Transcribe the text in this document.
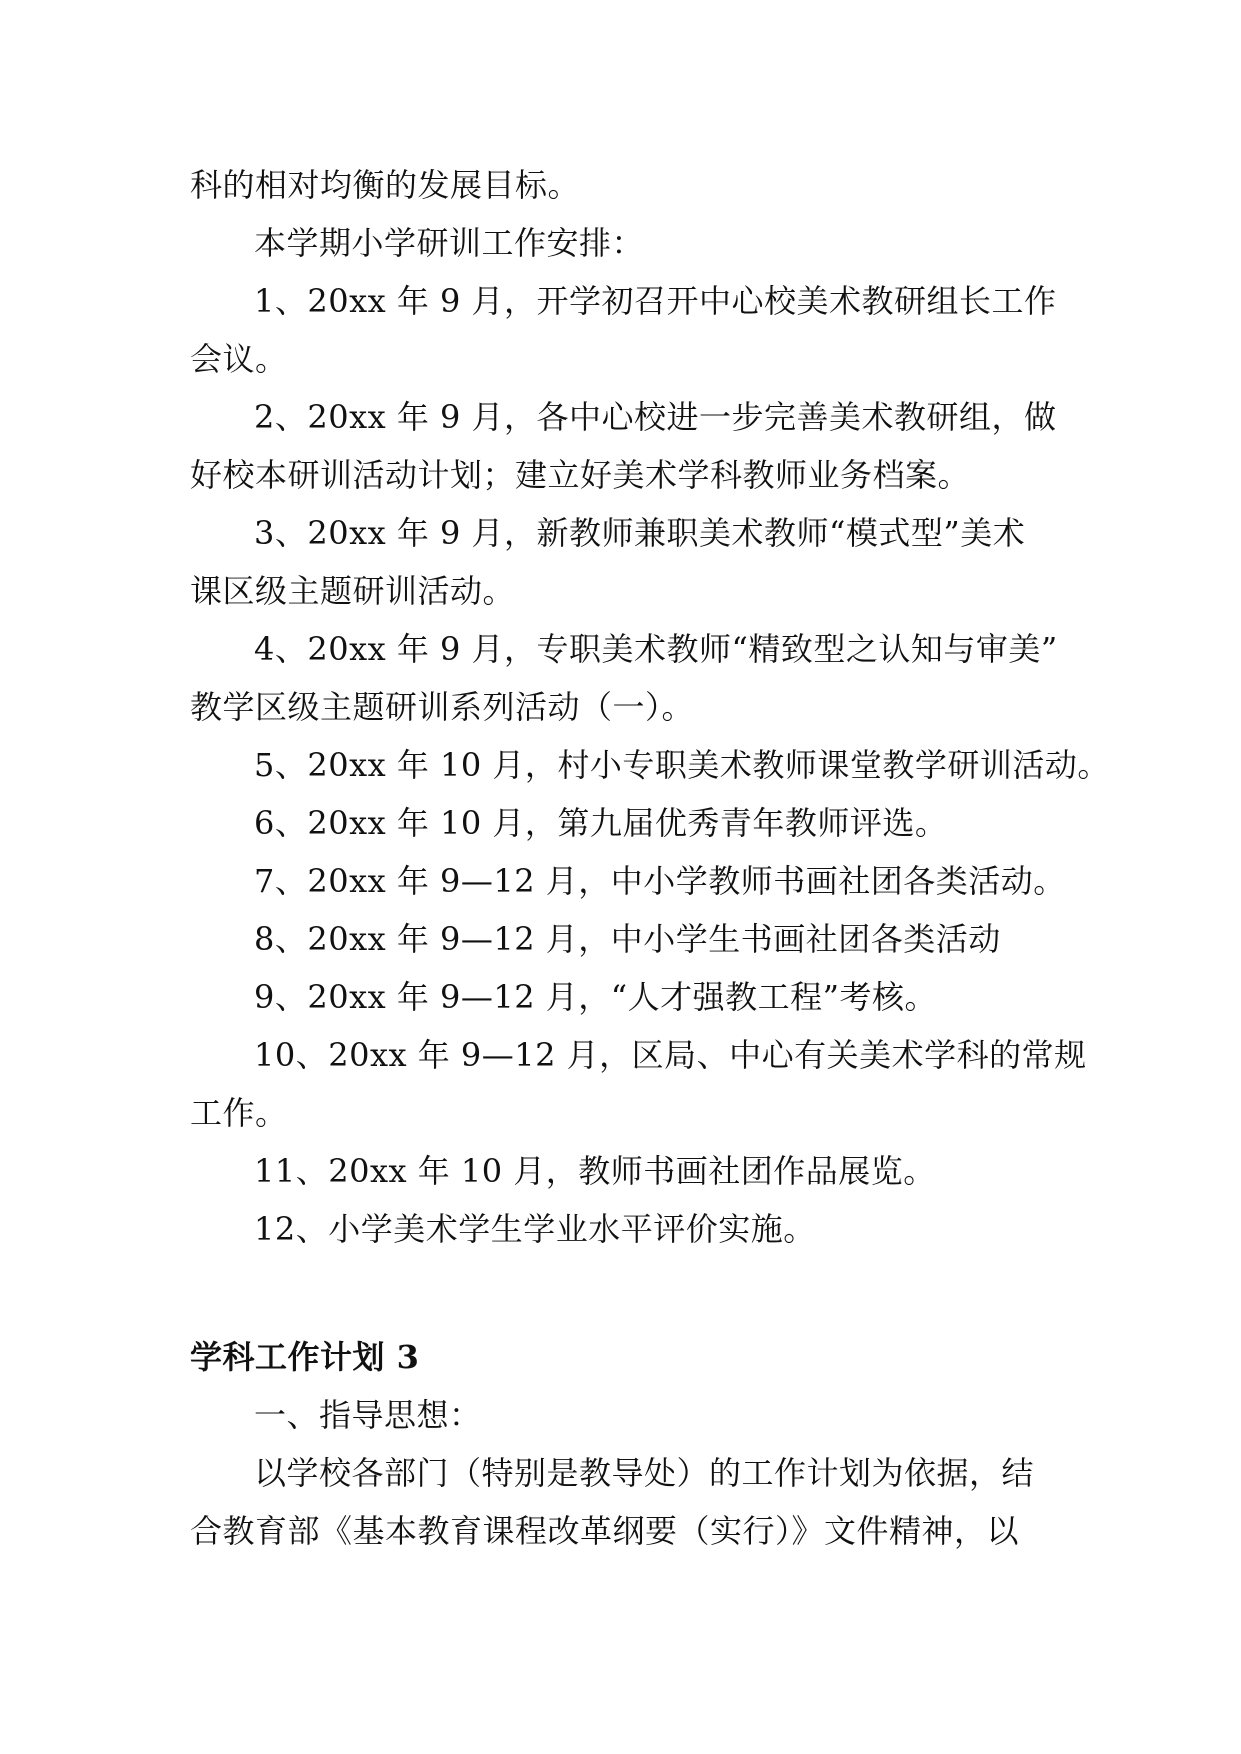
科的相对均衡的发展目标。

本学期小学研训工作安排：

1、20xx 年 9 月，开学初召开中心校美术教研组长工作

会议。

2、20xx 年 9 月，各中心校进一步完善美术教研组，做

好校本研训活动计划；建立好美术学科教师业务档案。

3、20xx 年 9 月，新教师兼职美术教师“模式型”美术

课区级主题研训活动。

4、20xx 年 9 月，专职美术教师“精致型之认知与审美”

教学区级主题研训系列活动（一）。

5、20xx 年 10 月，村小专职美术教师课堂教学研训活动。

6、20xx 年 10 月，第九届优秀青年教师评选。

7、20xx 年 9—12 月，中小学教师书画社团各类活动。

8、20xx 年 9—12 月，中小学生书画社团各类活动

9、20xx 年 9—12 月，“人才强教工程”考核。

10、20xx 年 9—12 月，区局、中心有关美术学科的常规

工作。

11、20xx 年 10 月，教师书画社团作品展览。

12、小学美术学生学业水平评价实施。

学科工作计划 3

一、指导思想：

以学校各部门（特别是教导处）的工作计划为依据，结

合教育部《基本教育课程改革纲要（实行）》文件精神，以
